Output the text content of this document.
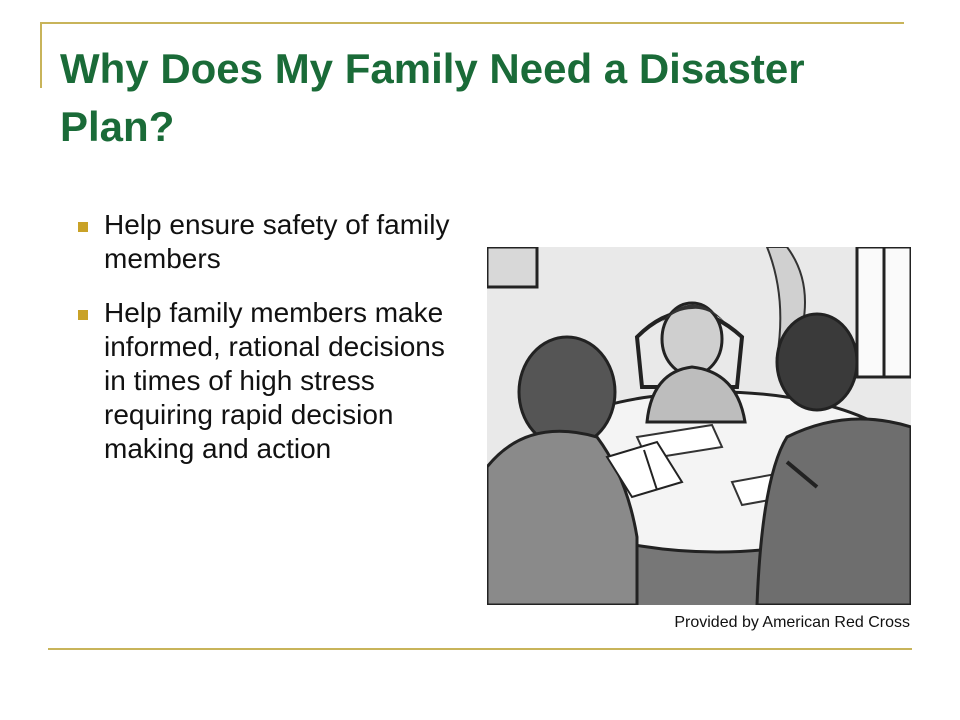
Why Does My Family Need a Disaster Plan?
Help ensure safety of family members
Help family members make informed, rational decisions in times of high stress requiring rapid decision making and action
Provided by American Red Cross
